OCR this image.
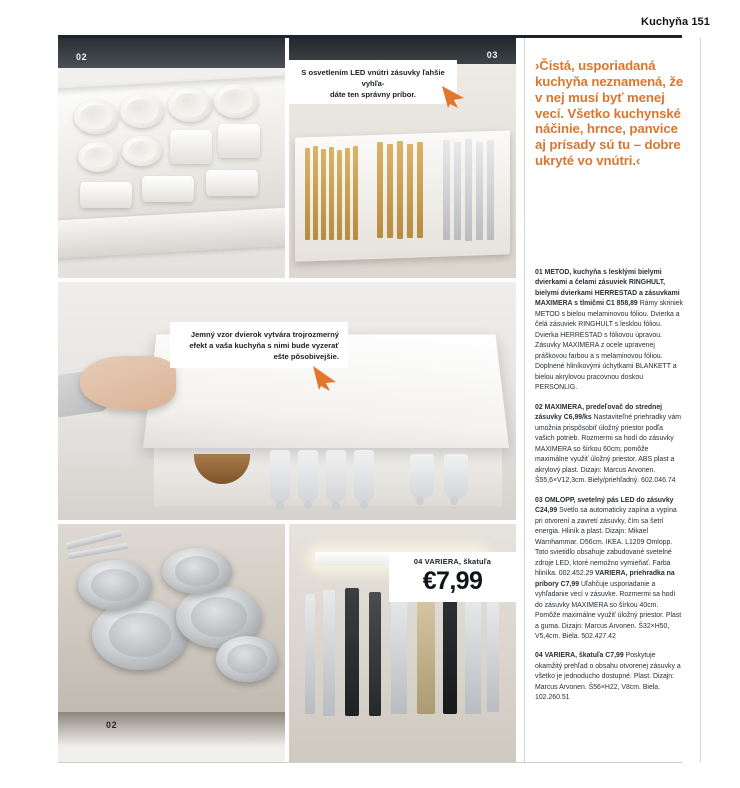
Kuchyňa 151
02	03
S osvetlením LED vnútri zásuvky ľahšie vyhľa-
dáte ten správny príbor.
Jemný vzor dvierok vytvára trojrozmerný efekt a vaša kuchyňa s nimi bude vyzerať ešte pôsobivejšie.
02
04 VARIERA, škatuľa
€7,99
›Čistá, usporiadaná kuchyňa neznamená, že v nej musí byť menej vecí. Všetko kuchynské náčinie, hrnce, panvice aj prísady sú tu – dobre ukryté vo vnútri.‹

01 METOD, kuchyňa s lesklými bielymi dvierkami a čelami zásuviek RINGHULT, bielymi dvierkami HERRESTAD a zásuvkami MAXIMERA s tlmičmi C1 858,89 Rámy skriniek METOD s bielou melaminovou fóliou. Dvierka a čelá zásuviek RINGHULT s lesklou fóliou. Dvierka HERRESTAD s fóliovou úpravou. Zásuvky MAXIMERA z ocele upravenej práškovou farbou a s melaminovou fóliou. Doplnené hliníkovými úchytkami BLANKETT a bielou akrylovou pracovnou doskou PERSONLIG.

02 MAXIMERA, predeľovač do strednej zásuvky C6,99/ks Nastaviteľné priehradky vám umožnia prispôsobiť úložný priestor podľa vašich potrieb. Rozmermi sa hodí do zásuvky MAXIMERA so šírkou 60cm; pomôže maximálne využiť úložný priestor. ABS plast a akrylový plast. Dizajn: Marcus Arvonen. Š55,6×V12,3cm. Biely/priehľadný. 602.046.74

03 OMLOPP, svetelný pás LED do zásuvky C24,99 Svetlo sa automaticky zapína a vypína pri otvorení a zavretí zásuvky, čím sa šetrí energia. Hliník a plast. Dizajn: Mikael Warnhammar. D56cm. IKEA. L1209 Omlopp. Toto svietidlo obsahuje zabudované svetelné zdroje LED, ktoré nemožno vymieňať. Farba hliníka. 002.452.29 VARIERA, priehradka na príbory C7,99 Uľahčuje usporiadanie a vyhľadanie vecí v zásuvke. Rozmermi sa hodí do zásuvky MAXIMERA so šírkou 40cm. Pomôže maximálne využiť úložný priestor. Plast a guma. Dizajn: Marcus Arvonen. Š32×H50, V5,4cm. Biela. 502.427.42

04 VARIERA, škatuľa C7,99 Poskytuje okamžitý prehľad o obsahu otvorenej zásuvky a všetko je jednoducho dostupné. Plast. Dizajn: Marcus Arvonen. Š56×H22, V8cm. Biela. 102.260.51
